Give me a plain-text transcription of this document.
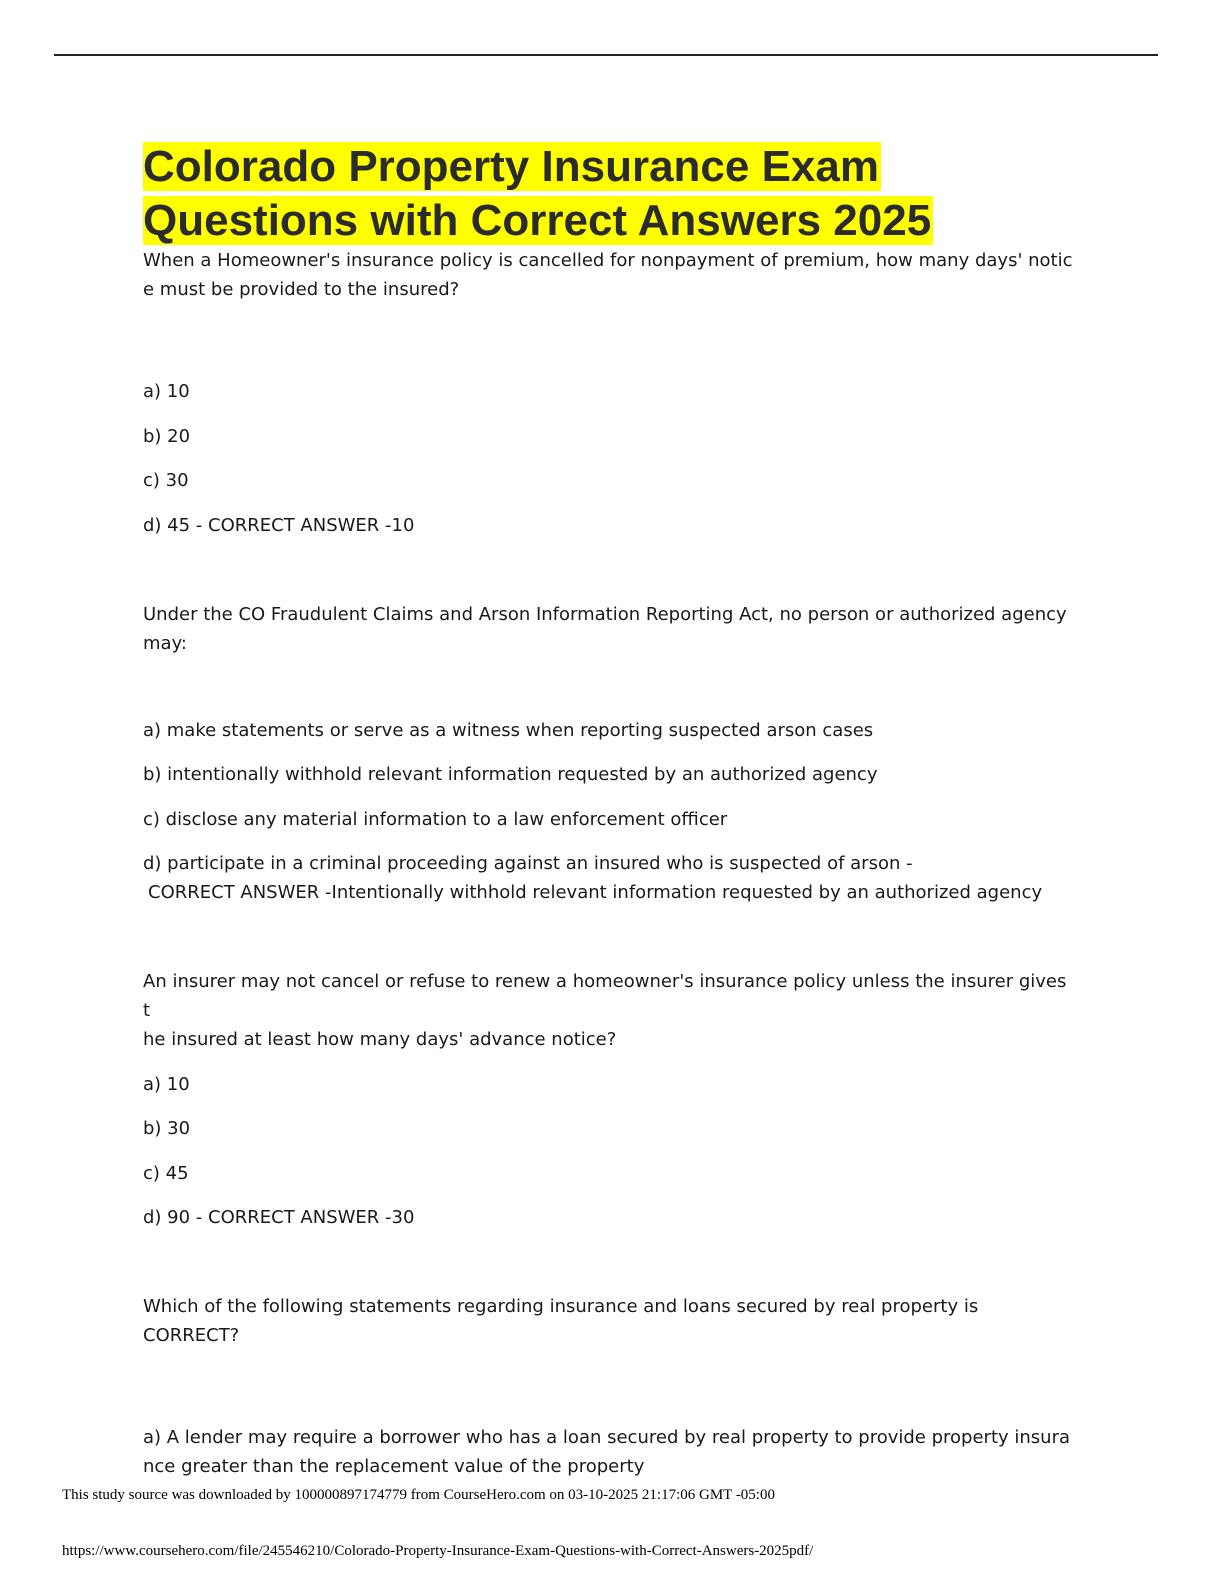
Colorado Property Insurance Exam
Questions with Correct Answers 2025

When a Homeowner's insurance policy is cancelled for nonpayment of premium, how many days' notic
e must be provided to the insured?

a) 10

b) 20

c) 30

d) 45 - CORRECT ANSWER -10

Under the CO Fraudulent Claims and Arson Information Reporting Act, no person or authorized agency
may:

a) make statements or serve as a witness when reporting suspected arson cases

b) intentionally withhold relevant information requested by an authorized agency

c) disclose any material information to a law enforcement officer

d) participate in a criminal proceeding against an insured who is suspected of arson -

CORRECT ANSWER -Intentionally withhold relevant information requested by an authorized agency

An insurer may not cancel or refuse to renew a homeowner's insurance policy unless the insurer gives t
he insured at least how many days' advance notice?

a) 10

b) 30

c) 45

d) 90 - CORRECT ANSWER -30

Which of the following statements regarding insurance and loans secured by real property is CORRECT?

a) A lender may require a borrower who has a loan secured by real property to provide property insura
nce greater than the replacement value of the property

This study source was downloaded by 100000897174779 from CourseHero.com on 03-10-2025 21:17:06 GMT -05:00
https://www.coursehero.com/file/245546210/Colorado-Property-Insurance-Exam-Questions-with-Correct-Answers-2025pdf/
